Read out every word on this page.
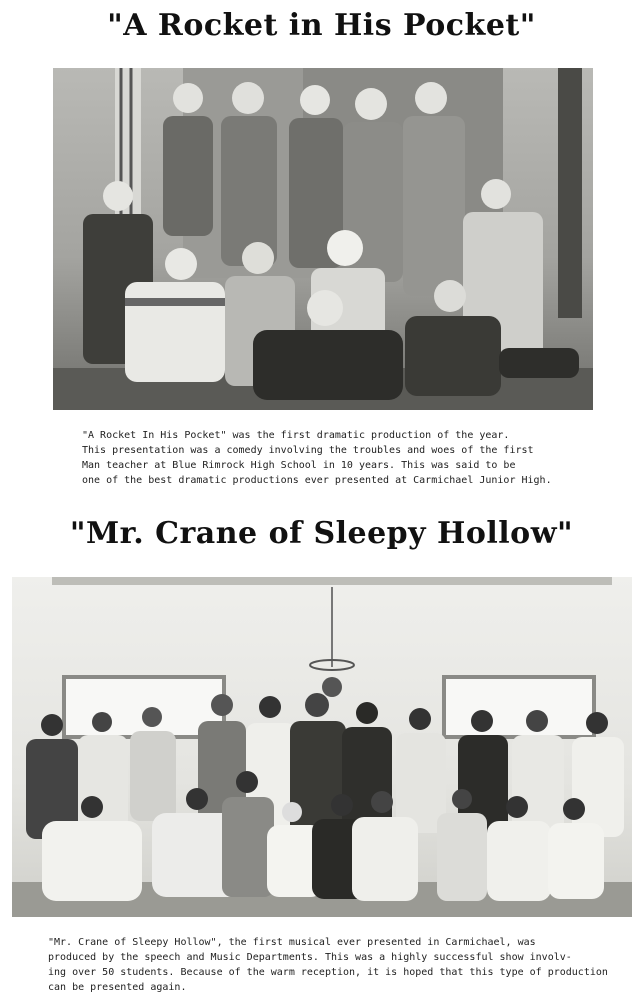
"A Rocket in His Pocket"
"A Rocket In His Pocket" was the first dramatic production of the year.
This presentation was a comedy involving the troubles and woes of the first
Man teacher at Blue Rimrock High School in 10 years. This was said to be
one of the best dramatic productions ever presented at Carmichael Junior High.
"Mr. Crane of Sleepy Hollow"
"Mr. Crane of Sleepy Hollow", the first musical ever presented in Carmichael, was
produced by the speech and Music Departments. This was a highly successful show involv-
ing over 50 students. Because of the warm reception, it is hoped that this type of production
can be presented again.
